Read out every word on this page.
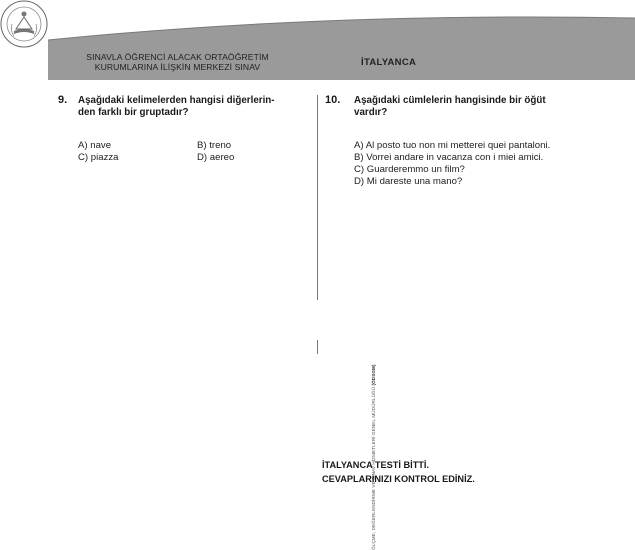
SINAVLA ÖĞRENCİ ALACAK ORTAÖĞRETİM
KURUMLARINA İLİŞKİN MERKEZİ SINAV	İTALYANCA
9. Aşağıdaki kelimelerden hangisi diğerlerin-
den farklı bir gruptadır?
A) nave	B) treno
C) piazza	D) aereo
ÖLÇME, DEĞERLENDİRME VE SINAV HİZMETLERİ GENEL MÜDÜRLÜĞÜ (ÖDSGM)
10. Aşağıdaki cümlelerin hangisinde bir öğüt
vardır?
A) Al posto tuo non mi metterei quei pantaloni.
B) Vorrei andare in vacanza con i miei amici.
C) Guarderemmo un film?
D) Mi dareste una mano?
İTALYANCA TESTİ BİTTİ.
CEVAPLARINIZI KONTROL EDİNİZ.
